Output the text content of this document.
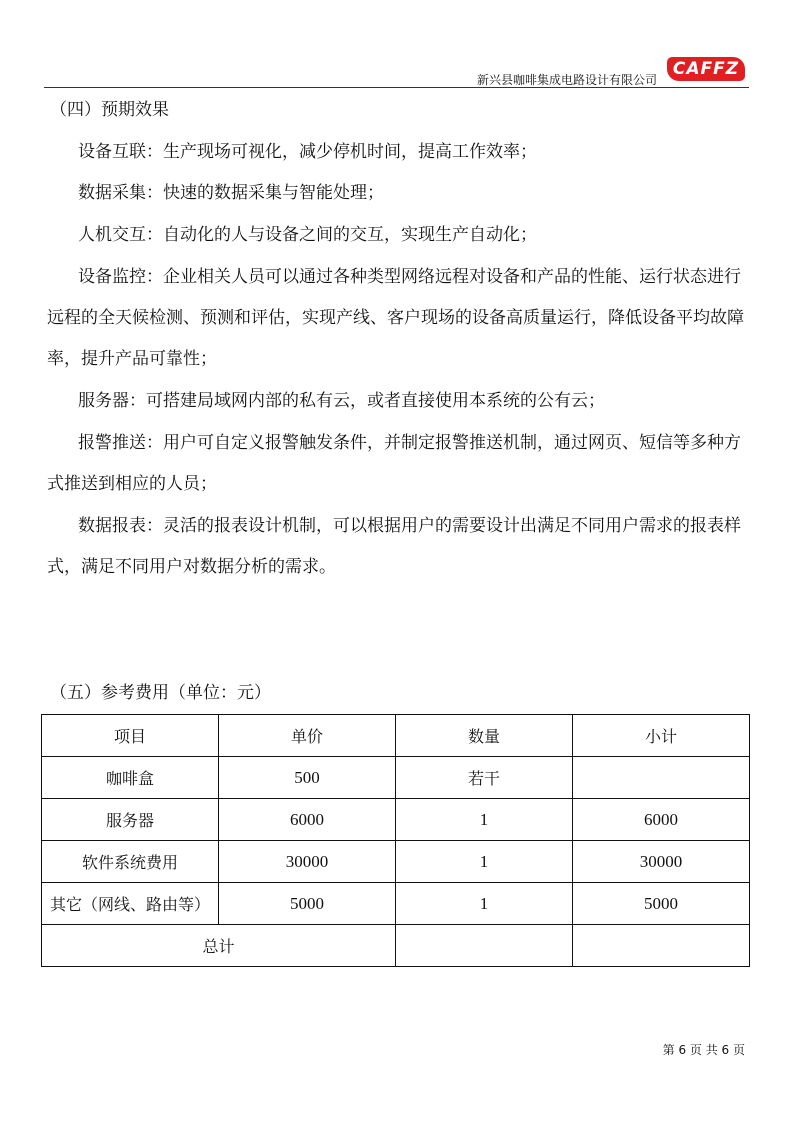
新兴县咖啡集成电路设计有限公司
CAFFZ
（四）预期效果

设备互联：生产现场可视化，减少停机时间，提高工作效率；

数据采集：快速的数据采集与智能处理；

人机交互：自动化的人与设备之间的交互，实现生产自动化；

设备监控：企业相关人员可以通过各种类型网络远程对设备和产品的性能、运行状态进行远程的全天候检测、预测和评估，实现产线、客户现场的设备高质量运行，降低设备平均故障率，提升产品可靠性；

服务器：可搭建局域网内部的私有云，或者直接使用本系统的公有云；

报警推送：用户可自定义报警触发条件，并制定报警推送机制，通过网页、短信等多种方式推送到相应的人员；

数据报表：灵活的报表设计机制，可以根据用户的需要设计出满足不同用户需求的报表样式，满足不同用户对数据分析的需求。

（五）参考费用（单位：元）
项目	单价	数量	小计
咖啡盒	500	若干	
服务器	6000	1	6000
软件系统费用	30000	1	30000
其它（网线、路由等）	5000	1	5000
总计			
第 6 页 共 6 页
